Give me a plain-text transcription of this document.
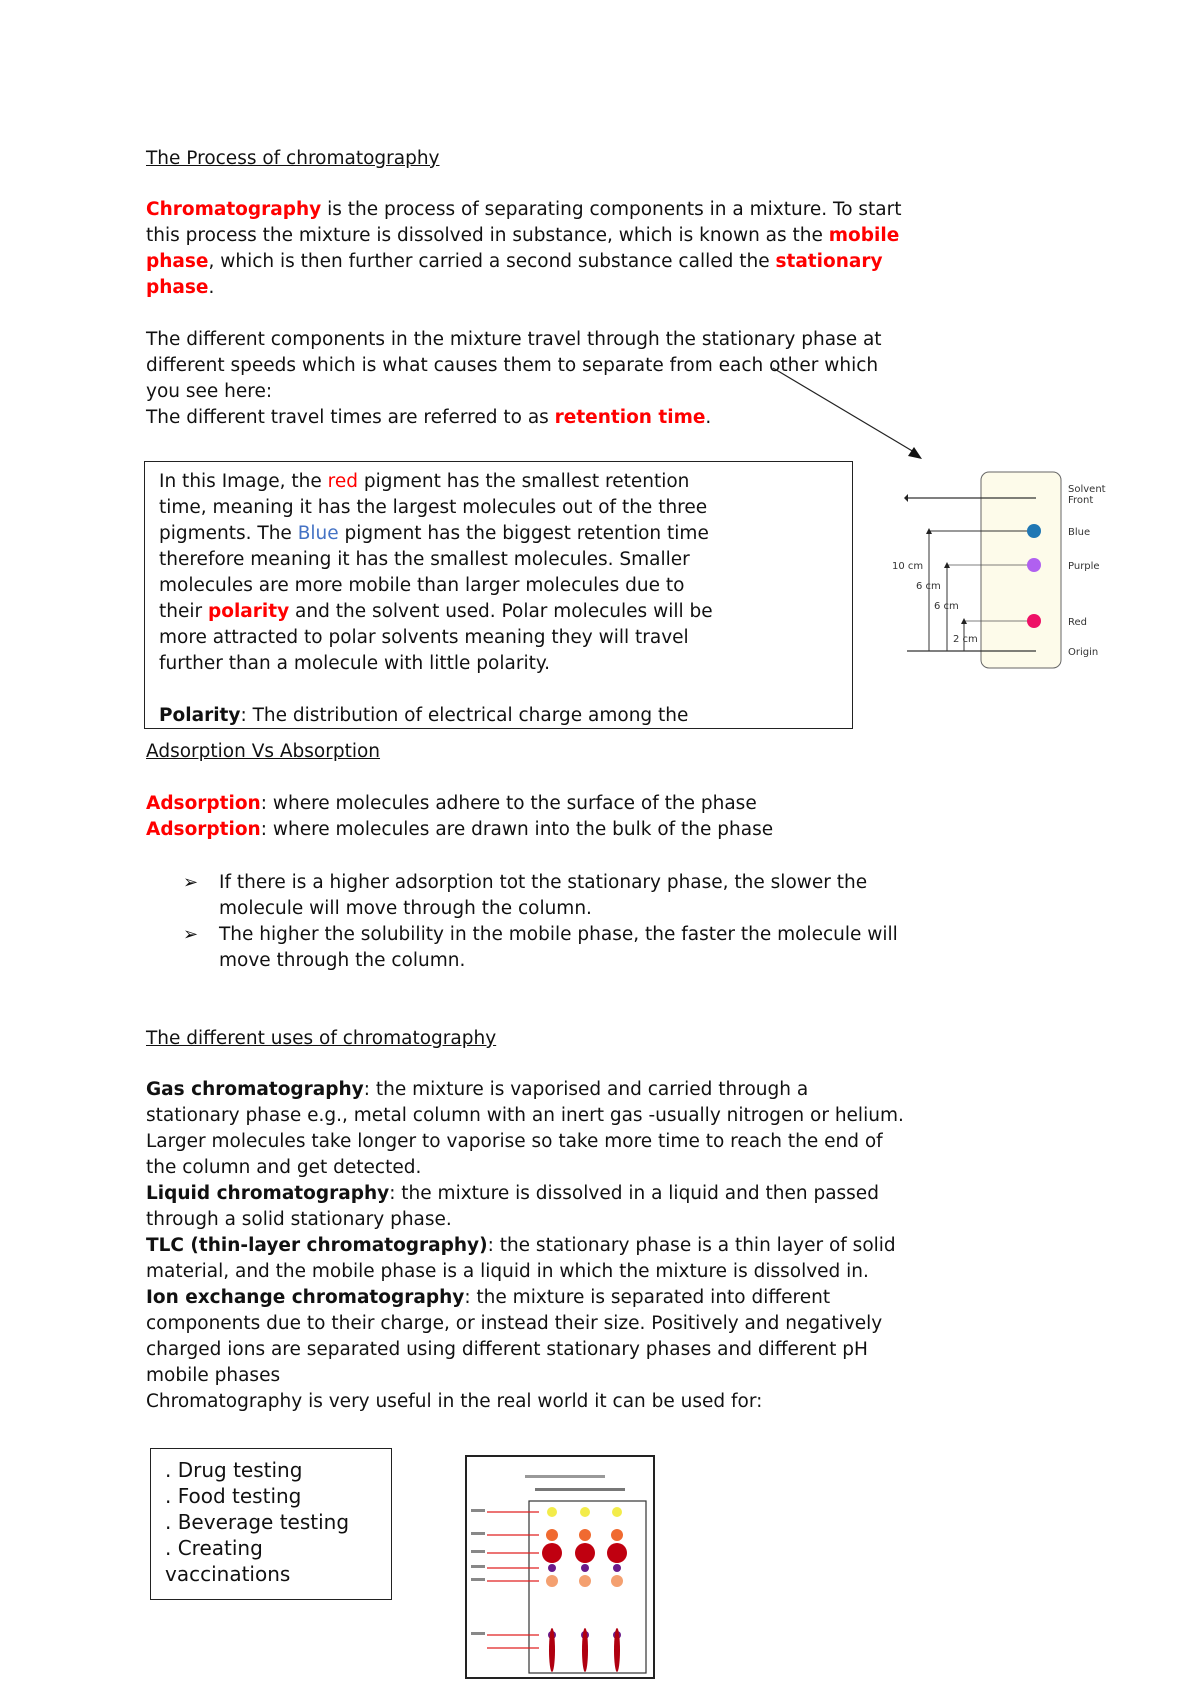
The Process of chromatography
Chromatography is the process of separating components in a mixture. To start
this process the mixture is dissolved in substance, which is known as the mobile
phase, which is then further carried a second substance called the stationary
phase.
The different components in the mixture travel through the stationary phase at
different speeds which is what causes them to separate from each other which
you see here:
The different travel times are referred to as retention time.
In this Image, the red pigment has the smallest retention
time, meaning it has the largest molecules out of the three
pigments. The Blue pigment has the biggest retention time
therefore meaning it has the smallest molecules. Smaller
molecules are more mobile than larger molecules due to
their polarity and the solvent used. Polar molecules will be
more attracted to polar solvents meaning they will travel
further than a molecule with little polarity.
Polarity: The distribution of electrical charge among the
Solvent
Front
Blue
Purple
Red
Origin
10 cm
6 cm
6 cm
2 cm
Adsorption Vs Absorption
Adsorption: where molecules adhere to the surface of the phase
Adsorption: where molecules are drawn into the bulk of the phase
➢ If there is a higher adsorption tot the stationary phase, the slower the
molecule will move through the column.
➢ The higher the solubility in the mobile phase, the faster the molecule will
move through the column.
The different uses of chromatography
Gas chromatography: the mixture is vaporised and carried through a
stationary phase e.g., metal column with an inert gas -usually nitrogen or helium.
Larger molecules take longer to vaporise so take more time to reach the end of
the column and get detected.
Liquid chromatography: the mixture is dissolved in a liquid and then passed
through a solid stationary phase.
TLC (thin-layer chromatography): the stationary phase is a thin layer of solid
material, and the mobile phase is a liquid in which the mixture is dissolved in.
Ion exchange chromatography: the mixture is separated into different
components due to their charge, or instead their size. Positively and negatively
charged ions are separated using different stationary phases and different pH
mobile phases
Chromatography is very useful in the real world it can be used for:
. Drug testing
. Food testing
. Beverage testing
. Creating
vaccinations
